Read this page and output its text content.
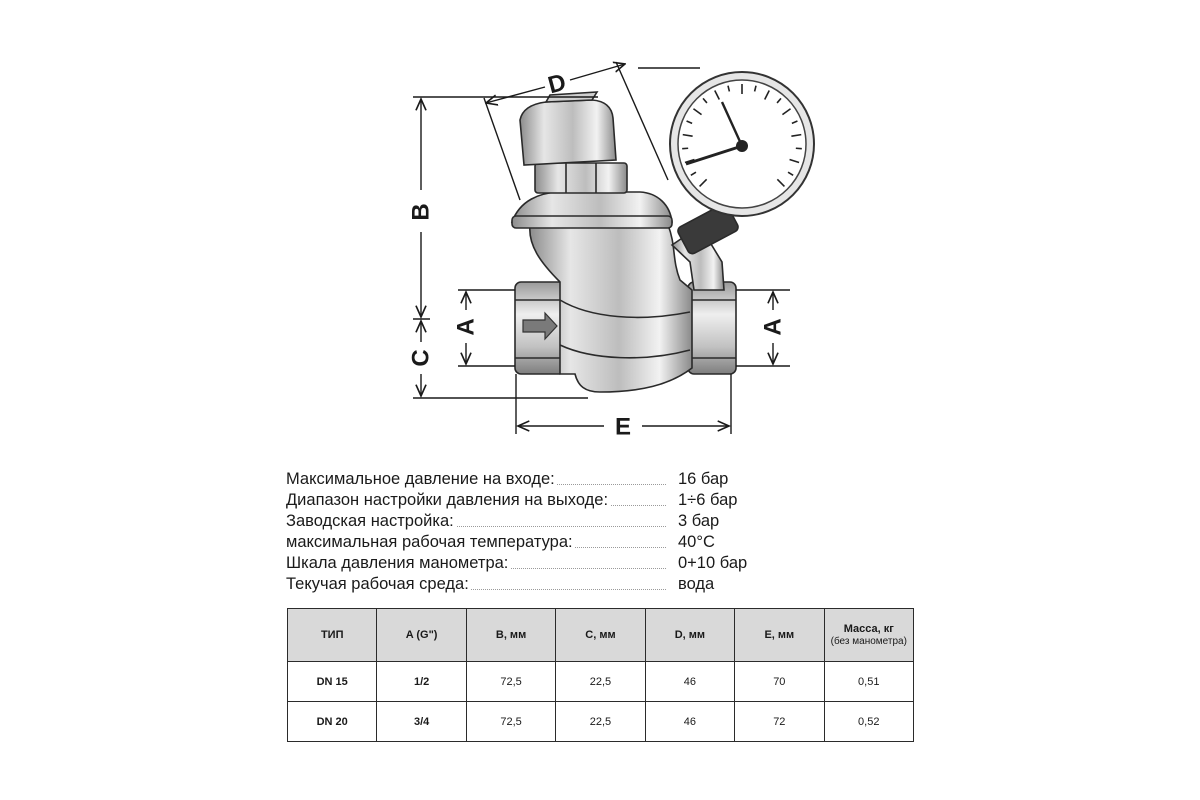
B
C
A	A
E
D
Максимальное давление на входе:	16 бар
Диапазон настройки давления на выходе:	1÷6 бар
Заводская настройка:	3 бар
максимальная рабочая температура:	40°C
Шкала давления манометра:	0+10 бар
Текучая рабочая среда:	вода
ТИП	A (G")	B, мм	C, мм	D, мм	E, мм	Масса, кг
(без манометра)

DN 15	1/2	72,5	22,5	46	70	0,51
DN 20	3/4	72,5	22,5	46	72	0,52
